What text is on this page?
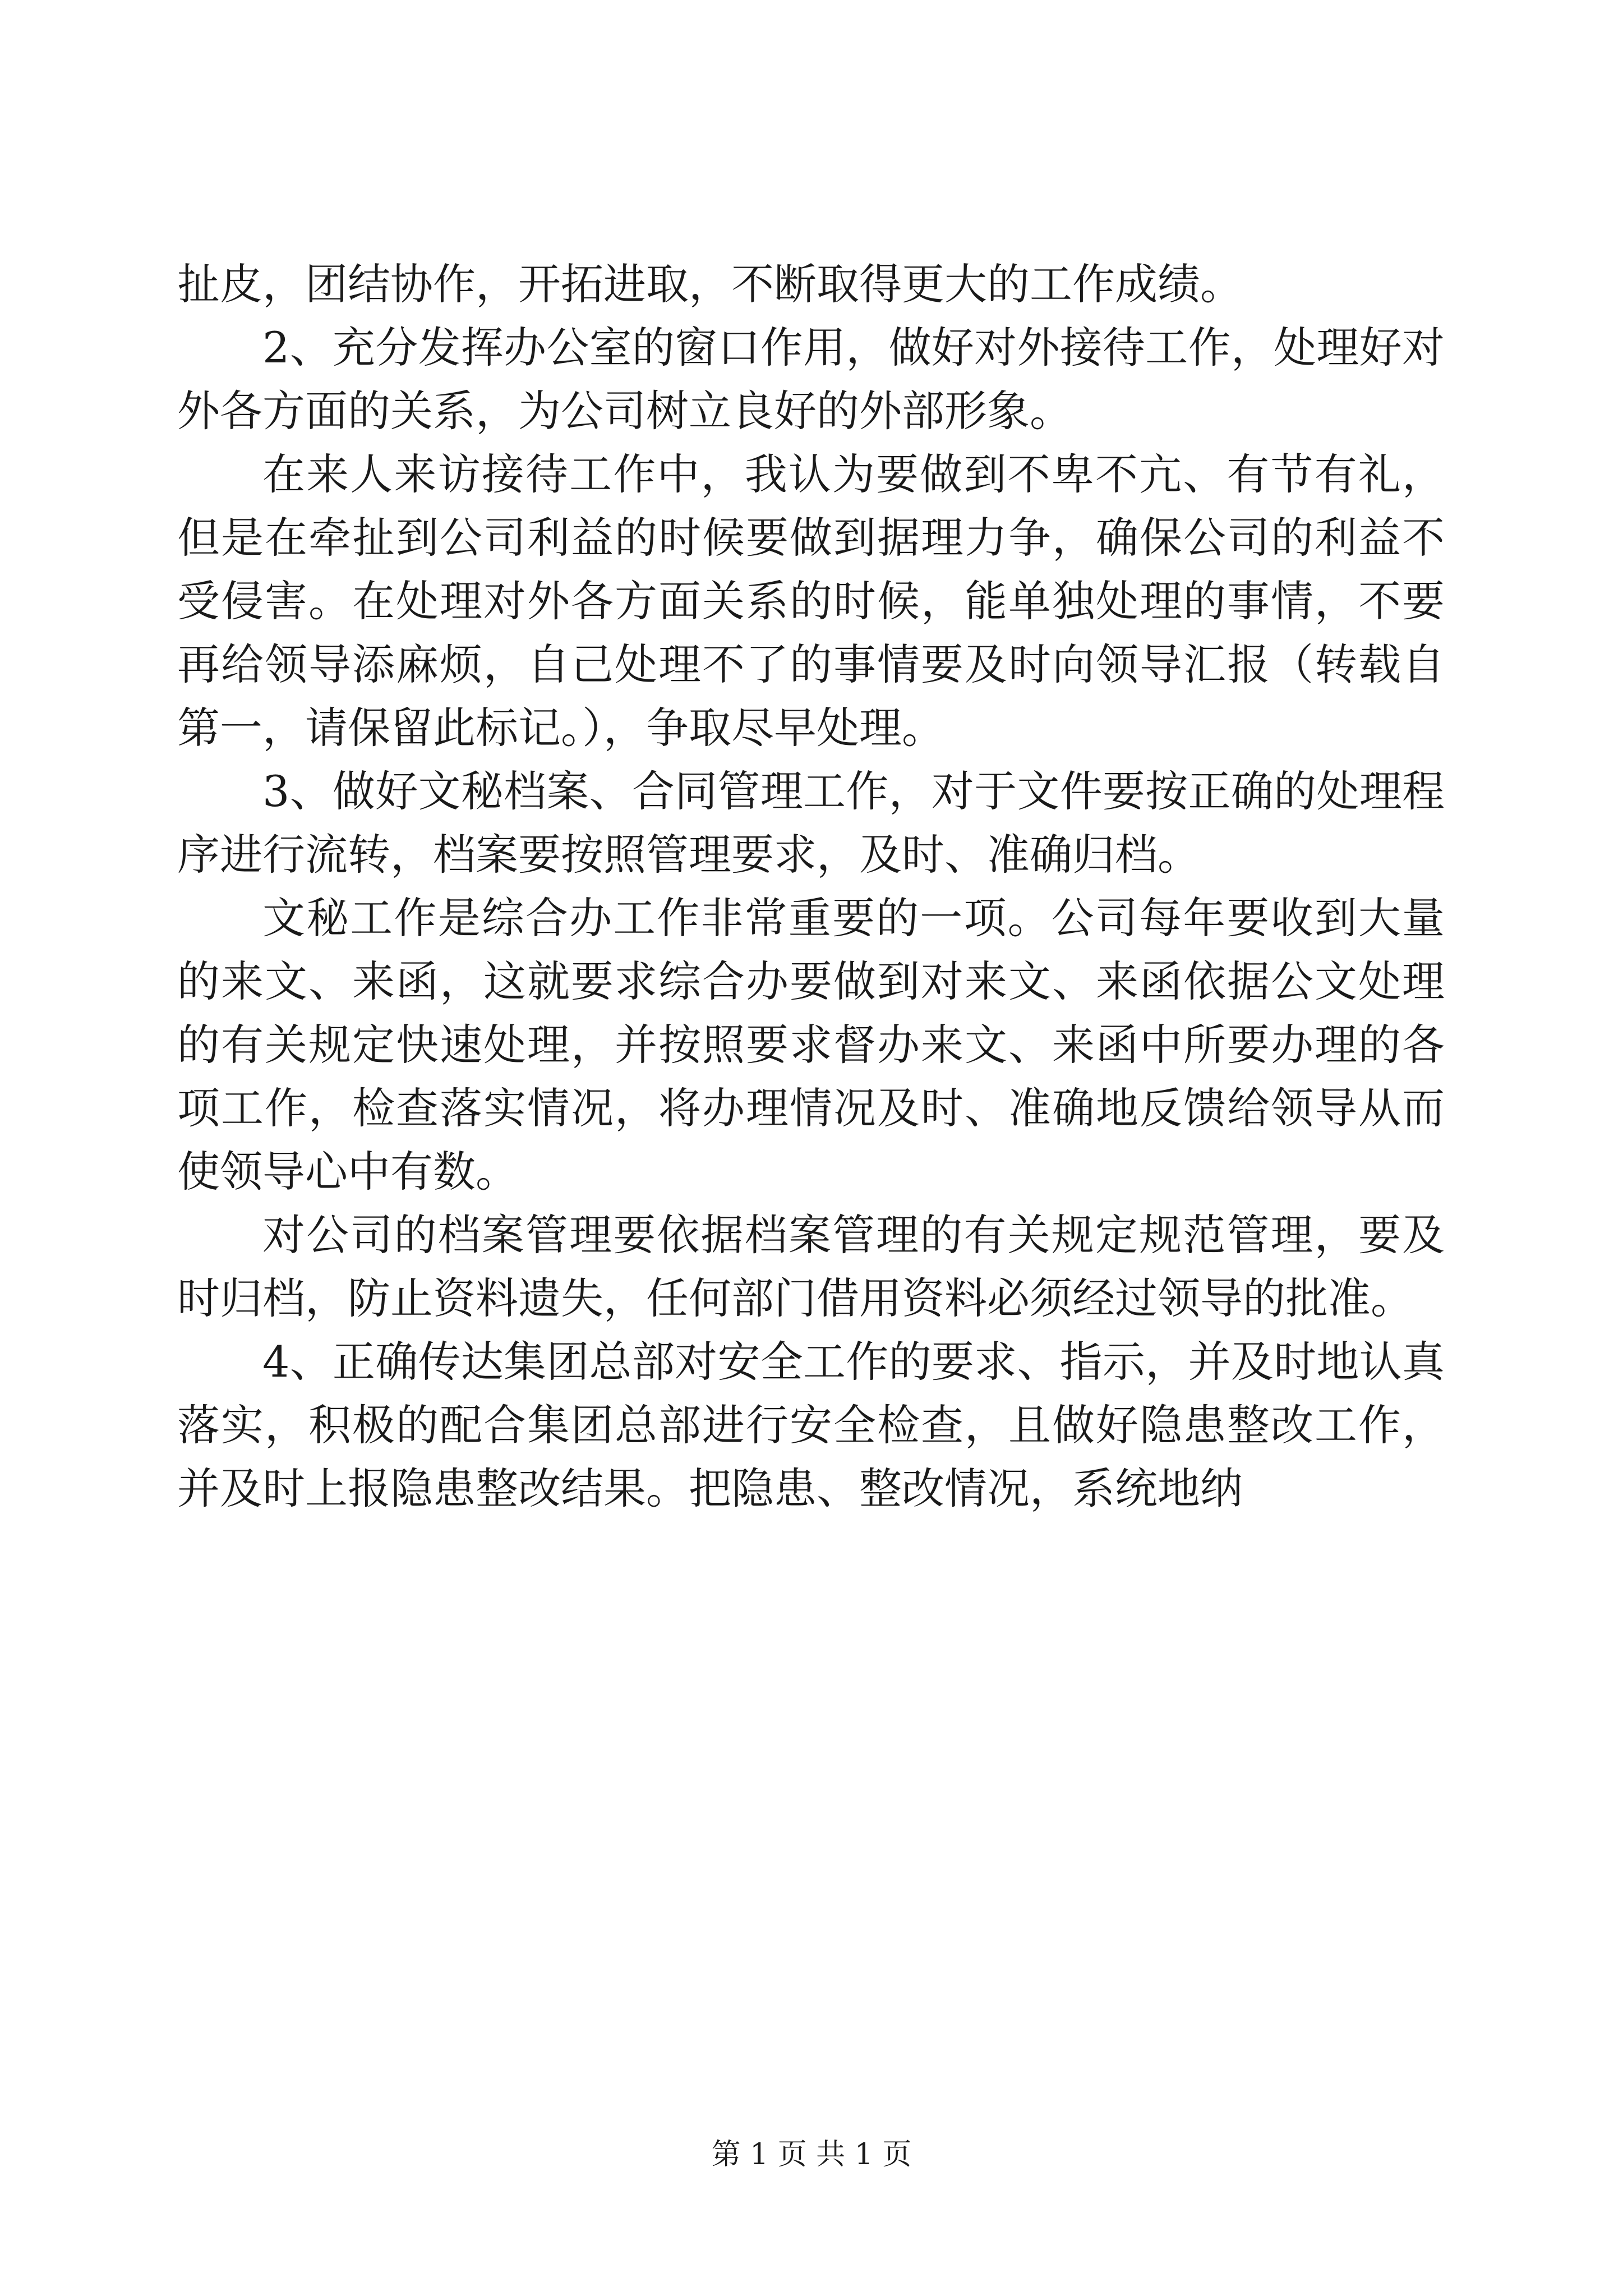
扯皮，团结协作，开拓进取，不断取得更大的工作成绩。

2、充分发挥办公室的窗口作用，做好对外接待工作，处理好对外各方面的关系，为公司树立良好的外部形象。

在来人来访接待工作中，我认为要做到不卑不亢、有节有礼，但是在牵扯到公司利益的时候要做到据理力争，确保公司的利益不受侵害。在处理对外各方面关系的时候，能单独处理的事情，不要再给领导添麻烦，自己处理不了的事情要及时向领导汇报（转载自第一，请保留此标记。），争取尽早处理。

3、做好文秘档案、合同管理工作，对于文件要按正确的处理程序进行流转，档案要按照管理要求，及时、准确归档。

文秘工作是综合办工作非常重要的一项。公司每年要收到大量的来文、来函，这就要求综合办要做到对来文、来函依据公文处理的有关规定快速处理，并按照要求督办来文、来函中所要办理的各项工作，检查落实情况，将办理情况及时、准确地反馈给领导从而使领导心中有数。

对公司的档案管理要依据档案管理的有关规定规范管理，要及时归档，防止资料遗失，任何部门借用资料必须经过领导的批准。

4、正确传达集团总部对安全工作的要求、指示，并及时地认真落实，积极的配合集团总部进行安全检查，且做好隐患整改工作，并及时上报隐患整改结果。把隐患、整改情况，系统地纳

第 1 页 共 1 页
